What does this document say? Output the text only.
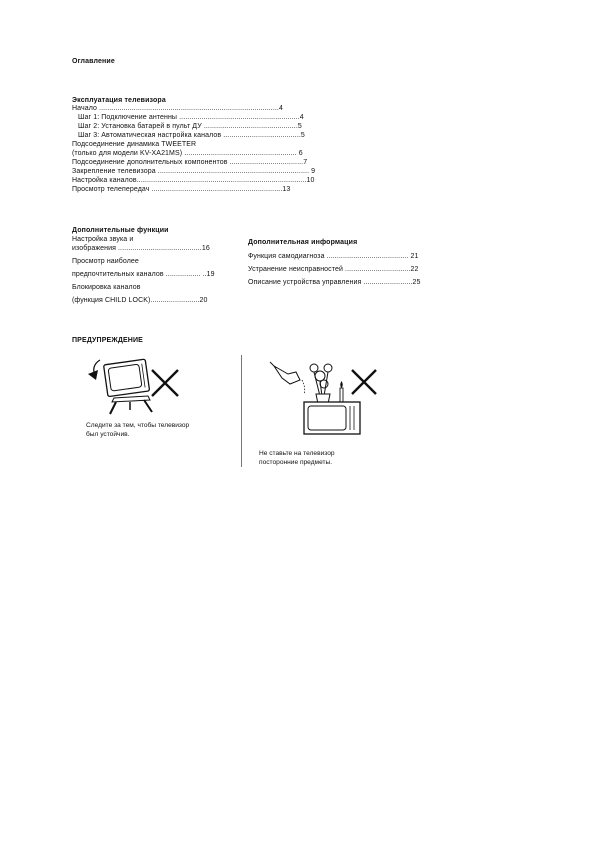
Оглавление
Эксплуатация телевизора
Начало ........................................................................................4
Шаг 1: Подключение антенны ...........................................................4
Шаг 2: Установка батарей в пульт ДУ ..............................................5
Шаг 3: Автоматическая настройка каналов ......................................5
Подсоединение динамика TWEETER
(только для модели KV-XA21MS) ....................................................... 6
Подсоединение дополнительных компонентов ....................................7
Закрепление телевизора .......................................................................... 9
Настройка каналов...................................................................................10
Просмотр телепередач ................................................................13
Дополнительные функции
Настройка звука и
изображения .........................................16
Просмотр наиболее
предпочтительных каналов ................. ..19
Блокировка каналов
(функция CHILD LOCK)........................20
Дополнительная информация
Функция самодиагноза ........................................ 21
Устранение неисправностей ................................22
Описание устройства управления ........................25
ПРЕДУПРЕЖДЕНИЕ
Следите за тем, чтобы телевизор
был устойчив.
Не ставьте на телевизор
посторонние предметы.
